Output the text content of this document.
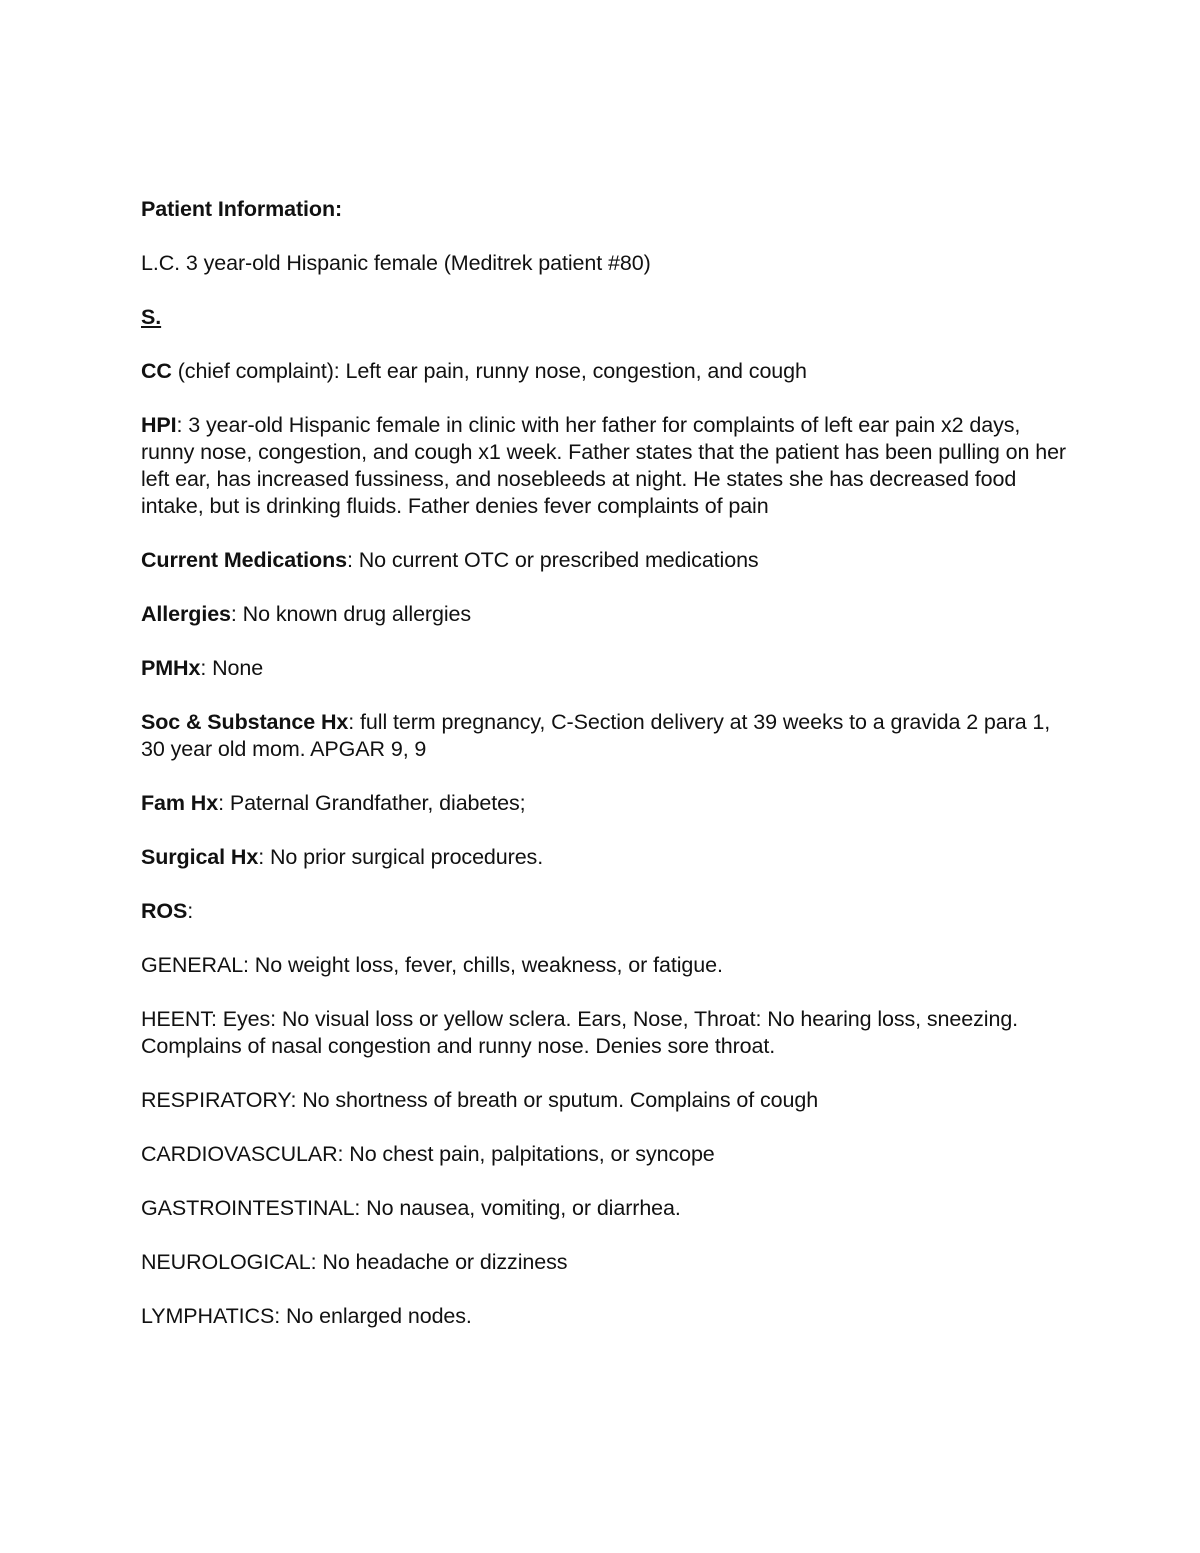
Patient Information:

L.C. 3 year-old Hispanic female (Meditrek patient #80)

S.

CC (chief complaint): Left ear pain, runny nose, congestion, and cough

HPI: 3 year-old Hispanic female in clinic with her father for complaints of left ear pain x2 days, runny nose, congestion, and cough x1 week. Father states that the patient has been pulling on her left ear, has increased fussiness, and nosebleeds at night. He states she has decreased food intake, but is drinking fluids. Father denies fever complaints of pain

Current Medications: No current OTC or prescribed medications

Allergies: No known drug allergies

PMHx: None

Soc & Substance Hx: full term pregnancy, C-Section delivery at 39 weeks to a gravida 2 para 1, 30 year old mom. APGAR 9, 9

Fam Hx: Paternal Grandfather, diabetes;

Surgical Hx: No prior surgical procedures.

ROS:

GENERAL: No weight loss, fever, chills, weakness, or fatigue.

HEENT: Eyes: No visual loss or yellow sclera. Ears, Nose, Throat: No hearing loss, sneezing. Complains of nasal congestion and runny nose. Denies sore throat.

RESPIRATORY: No shortness of breath or sputum. Complains of cough

CARDIOVASCULAR: No chest pain, palpitations, or syncope

GASTROINTESTINAL: No nausea, vomiting, or diarrhea.

NEUROLOGICAL: No headache or dizziness

LYMPHATICS: No enlarged nodes.
